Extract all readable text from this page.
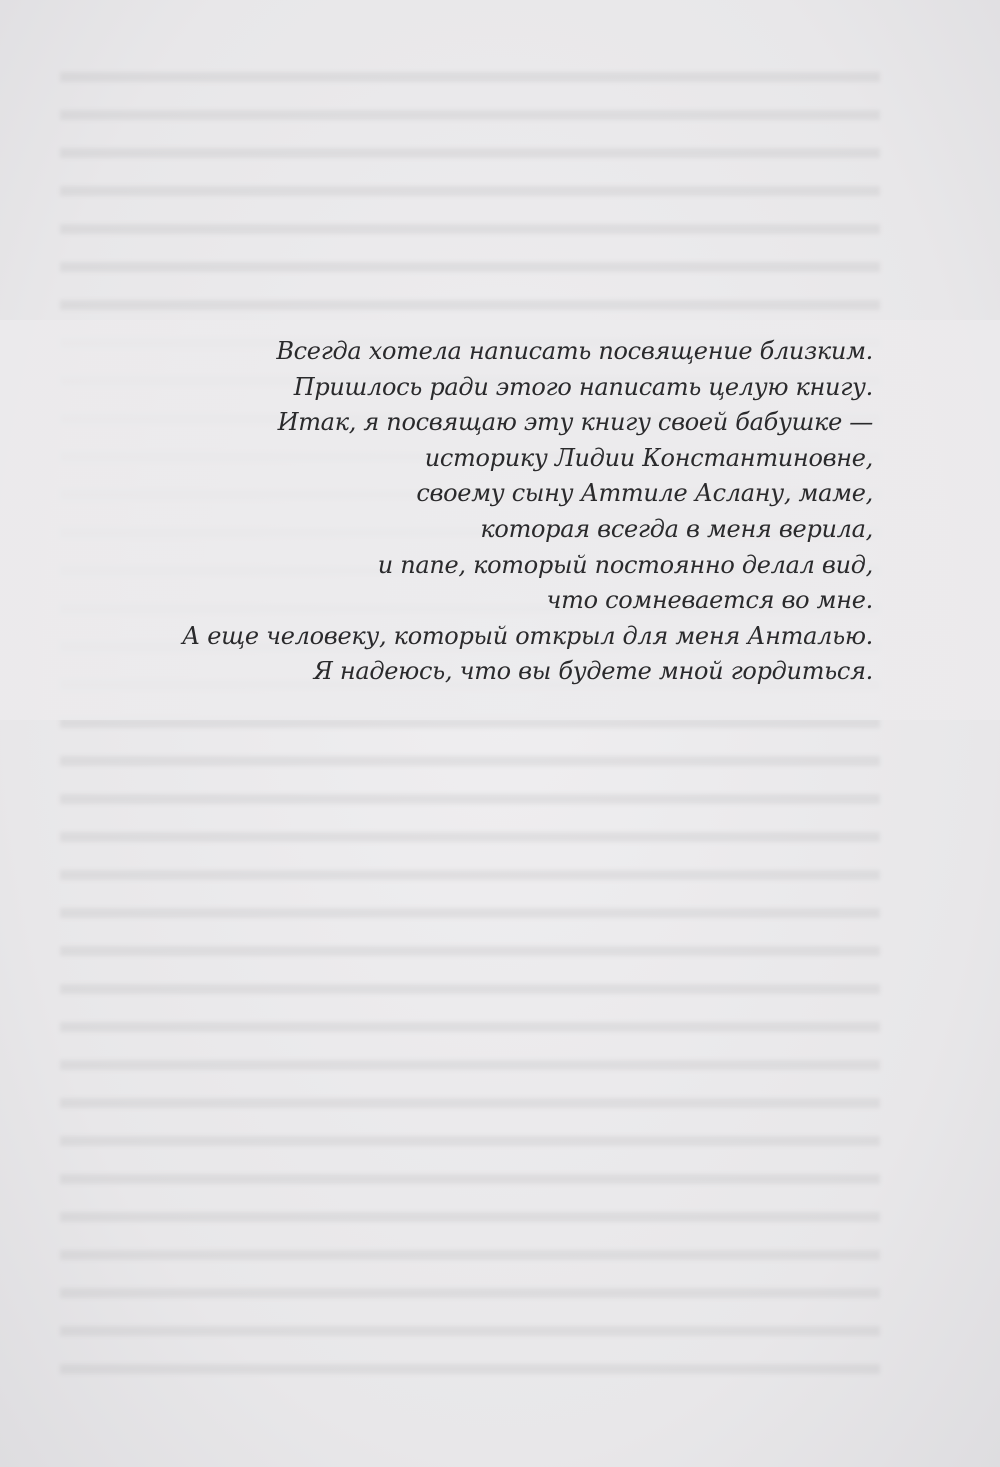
Всегда хотела написать посвящение близким.
Пришлось ради этого написать целую книгу.
Итак, я посвящаю эту книгу своей бабушке —
историку Лидии Константиновне,
своему сыну Аттиле Аслану, маме,
которая всегда в меня верила,
и папе, который постоянно делал вид,
что сомневается во мне.
А еще человеку, который открыл для меня Анталью.
Я надеюсь, что вы будете мной гордиться.
